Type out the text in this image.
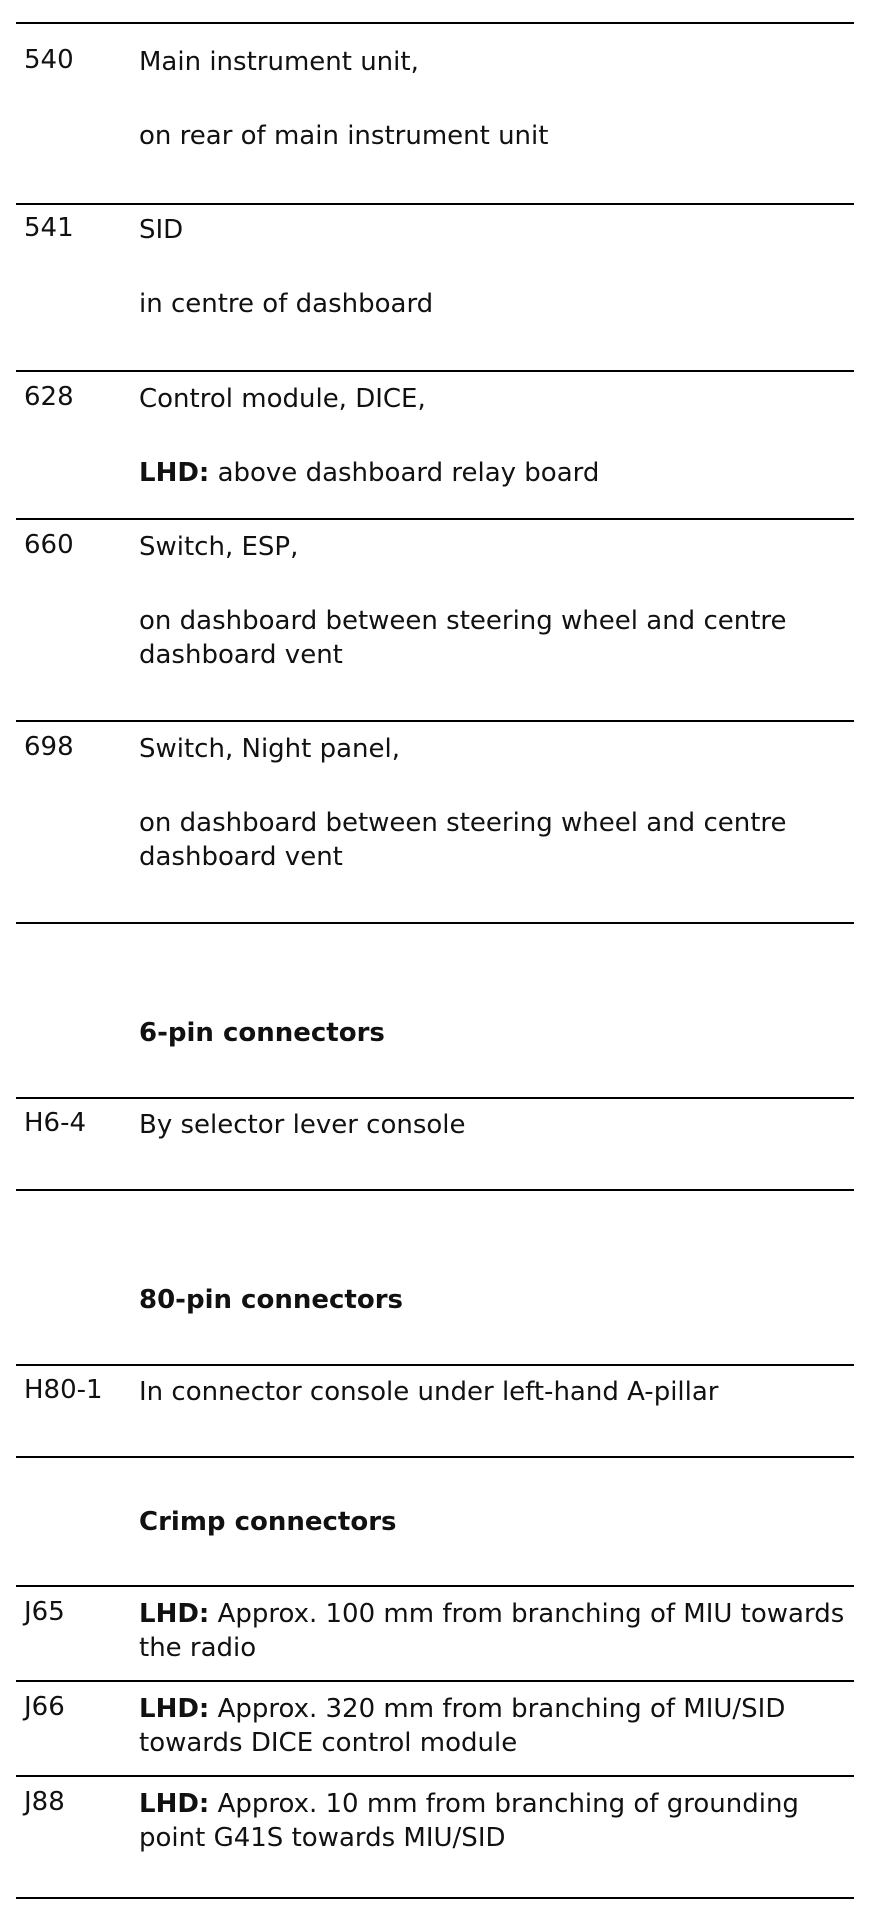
540	Main instrument unit,
on rear of main instrument unit
541	SID
in centre of dashboard
628	Control module, DICE,
LHD: above dashboard relay board
660	Switch, ESP,
on dashboard between steering wheel and centre dashboard vent
698	Switch, Night panel,
on dashboard between steering wheel and centre dashboard vent
6-pin connectors
H6-4 By selector lever console
80-pin connectors
H80-1 In connector console under left-hand A-pillar
Crimp connectors
J65	LHD: Approx. 100 mm from branching of MIU towards the radio
J66	LHD: Approx. 320 mm from branching of MIU/SID towards DICE control module
J88	LHD: Approx. 10 mm from branching of grounding point G41S towards MIU/SID
